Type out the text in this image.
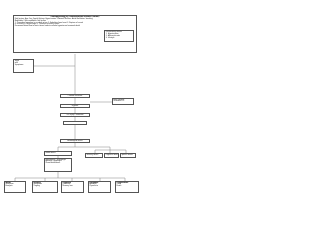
Pathophysiology of Cerebrovascular Accident (Stroke)

Risk factors: Age, Sex, Family History, Hypertension, Diabetes Mellitus, Atrial fibrillation, Smoking

Modifiable / Non-modifiable risk factors

1. Thrombus formation in cerebral artery 2. Embolism from heart 3. Rupture of vessel

a. Ischemic b. Hemorrhagic c. Transient ischemic attack

Decreased blood flow to brain tissue leads to cellular hypoxia and neuronal death

Precipitating factors

1. Hypertension

2. Atherosclerosis

3. Lifestyle

Signs

and

Symptoms

Cerebral Ischemia

Hypoxia

Cell injury / Infarction

Brain edema

Increased ICP

Neurological deficit

Motor deficit

Sensory deficit	Cognitive deficit Speech deficit

Hemiparesis / hemiplegia

Aphasia / dysphagia

Visual disturbance

Motor

Weakness

Paralysis

Sensory

Numbness

Tingling

Cognitive

Confusion

Memory loss

Language

Aphasia

Dysarthria

Complication

Coma

Death
